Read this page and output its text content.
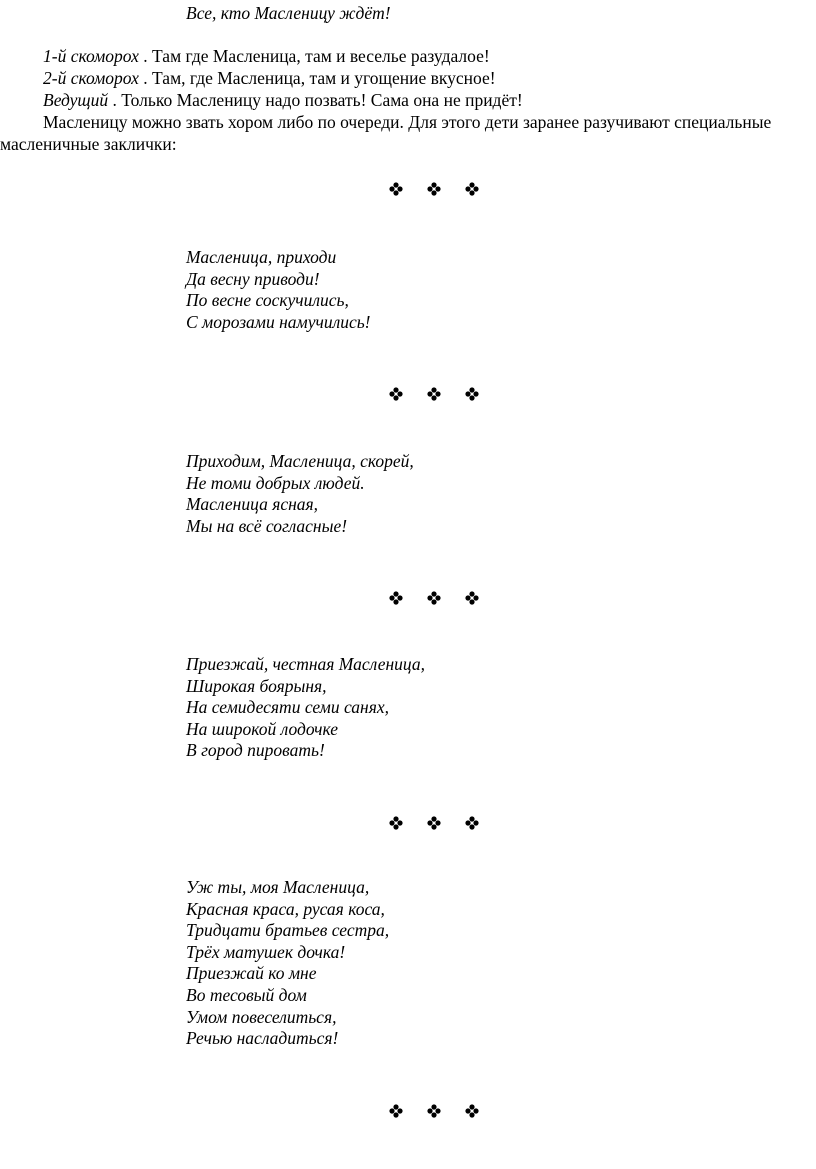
Все, кто Масленицу ждёт!
1-й скоморох . Там где Масленица, там и веселье разудалое!
2-й скоморох . Там, где Масленица, там и угощение вкусное!
Ведущий . Только Масленицу надо позвать! Сама она не придёт!
Масленицу можно звать хором либо по очереди. Для этого дети заранее разучивают специальные
масленичные заклички:
Масленица, приходи
Да весну приводи!
По весне соскучились,
С морозами намучились!
Приходим, Масленица, скорей,
Не томи добрых людей.
Масленица ясная,
Мы на всё согласные!
Приезжай, честная Масленица,
Широкая боярыня,
На семидесяти семи санях,
На широкой лодочке
В город пировать!
Уж ты, моя Масленица,
Красная краса, русая коса,
Тридцати братьев сестра,
Трёх матушек дочка!
Приезжай ко мне
Во тесовый дом
Умом повеселиться,
Речью насладиться!
